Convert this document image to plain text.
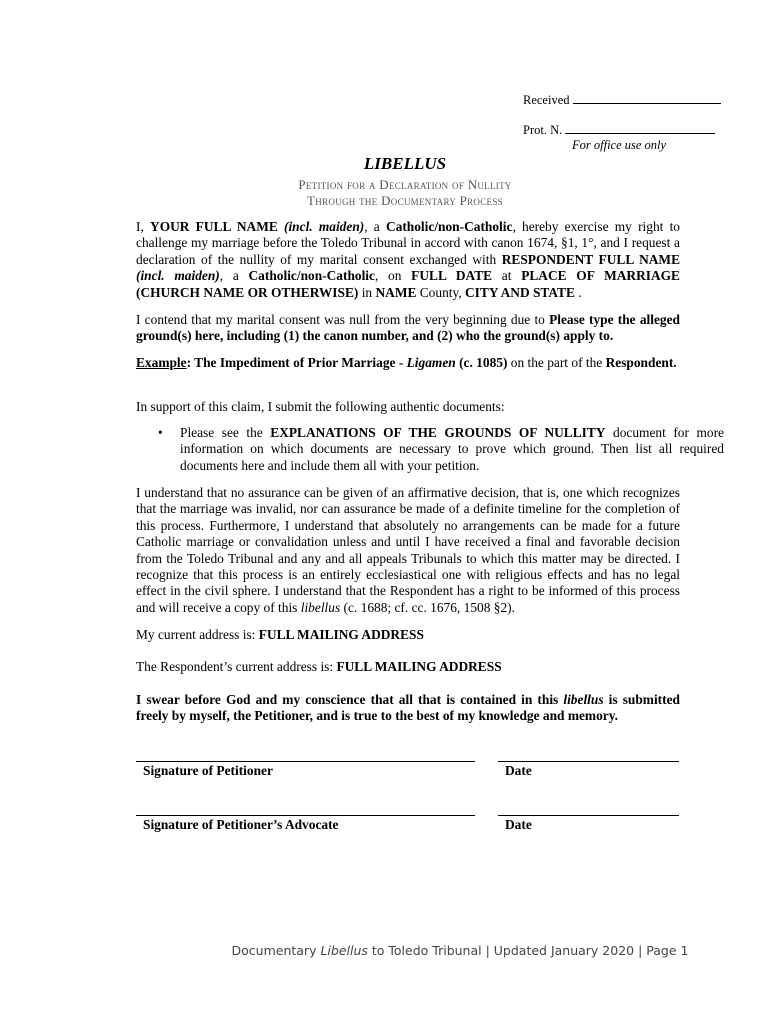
Received
Prot. N.
For office use only
LIBELLUS
Petition for a Declaration of Nullity
Through the Documentary Process

I, YOUR FULL NAME (incl. maiden), a Catholic/non-Catholic, hereby exercise my right to challenge my marriage before the Toledo Tribunal in accord with canon 1674, §1, 1°, and I request a declaration of the nullity of my marital consent exchanged with RESPONDENT FULL NAME (incl. maiden), a Catholic/non-Catholic, on FULL DATE at PLACE OF MARRIAGE (CHURCH NAME OR OTHERWISE) in NAME County, CITY AND STATE .

I contend that my marital consent was null from the very beginning due to Please type the alleged ground(s) here, including (1) the canon number, and (2) who the ground(s) apply to.

Example: The Impediment of Prior Marriage - Ligamen (c. 1085) on the part of the Respondent.

In support of this claim, I submit the following authentic documents:
• Please see the EXPLANATIONS OF THE GROUNDS OF NULLITY document for more information on which documents are necessary to prove which ground. Then list all required documents here and include them all with your petition.

I understand that no assurance can be given of an affirmative decision, that is, one which recognizes that the marriage was invalid, nor can assurance be made of a definite timeline for the completion of this process. Furthermore, I understand that absolutely no arrangements can be made for a future Catholic marriage or convalidation unless and until I have received a final and favorable decision from the Toledo Tribunal and any and all appeals Tribunals to which this matter may be directed. I recognize that this process is an entirely ecclesiastical one with religious effects and has no legal effect in the civil sphere. I understand that the Respondent has a right to be informed of this process and will receive a copy of this libellus (c. 1688; cf. cc. 1676, 1508 §2).

My current address is: FULL MAILING ADDRESS

The Respondent’s current address is: FULL MAILING ADDRESS

I swear before God and my conscience that all that is contained in this libellus is submitted freely by myself, the Petitioner, and is true to the best of my knowledge and memory.

Signature of Petitioner	Date
Signature of Petitioner’s Advocate	Date
Documentary Libellus to Toledo Tribunal | Updated January 2020 | Page 1
